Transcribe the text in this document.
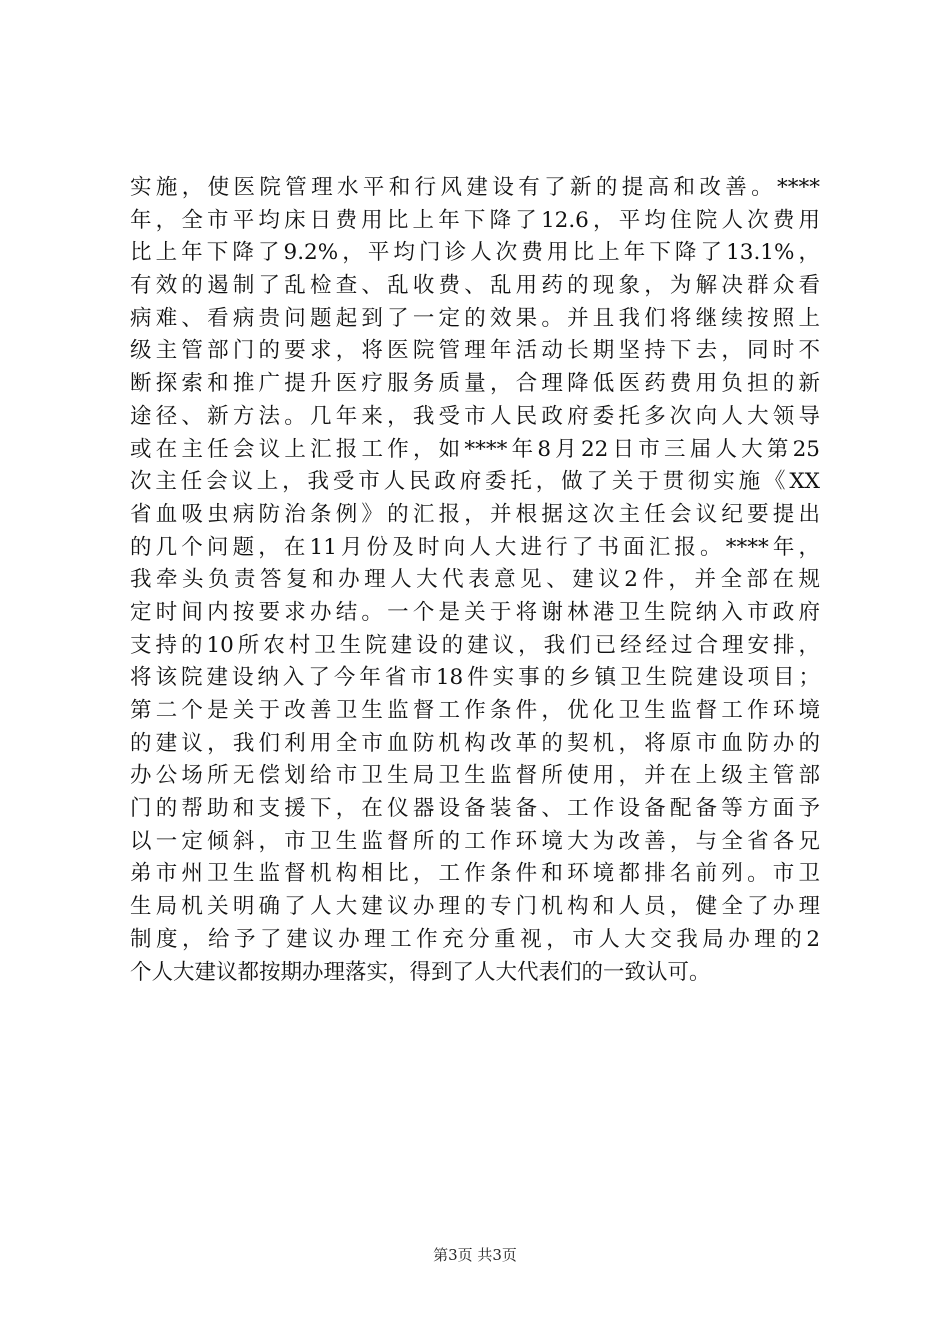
实施，使医院管理水平和行风建设有了新的提高和改善。****
年，全市平均床日费用比上年下降了12.6，平均住院人次费用
比上年下降了9.2%，平均门诊人次费用比上年下降了13.1%，
有效的遏制了乱检查、乱收费、乱用药的现象，为解决群众看
病难、看病贵问题起到了一定的效果。并且我们将继续按照上
级主管部门的要求，将医院管理年活动长期坚持下去，同时不
断探索和推广提升医疗服务质量，合理降低医药费用负担的新
途径、新方法。几年来，我受市人民政府委托多次向人大领导
或在主任会议上汇报工作，如****年8月22日市三届人大第25
次主任会议上，我受市人民政府委托，做了关于贯彻实施《XX
省血吸虫病防治条例》的汇报，并根据这次主任会议纪要提出
的几个问题，在11月份及时向人大进行了书面汇报。****年，
我牵头负责答复和办理人大代表意见、建议2件，并全部在规
定时间内按要求办结。一个是关于将谢林港卫生院纳入市政府
支持的10所农村卫生院建设的建议，我们已经经过合理安排，
将该院建设纳入了今年省市18件实事的乡镇卫生院建设项目；
第二个是关于改善卫生监督工作条件，优化卫生监督工作环境
的建议，我们利用全市血防机构改革的契机，将原市血防办的
办公场所无偿划给市卫生局卫生监督所使用，并在上级主管部
门的帮助和支援下，在仪器设备装备、工作设备配备等方面予
以一定倾斜，市卫生监督所的工作环境大为改善，与全省各兄
弟市州卫生监督机构相比，工作条件和环境都排名前列。市卫
生局机关明确了人大建议办理的专门机构和人员，健全了办理
制度，给予了建议办理工作充分重视，市人大交我局办理的2
个人大建议都按期办理落实，得到了人大代表们的一致认可。
第3页 共3页
